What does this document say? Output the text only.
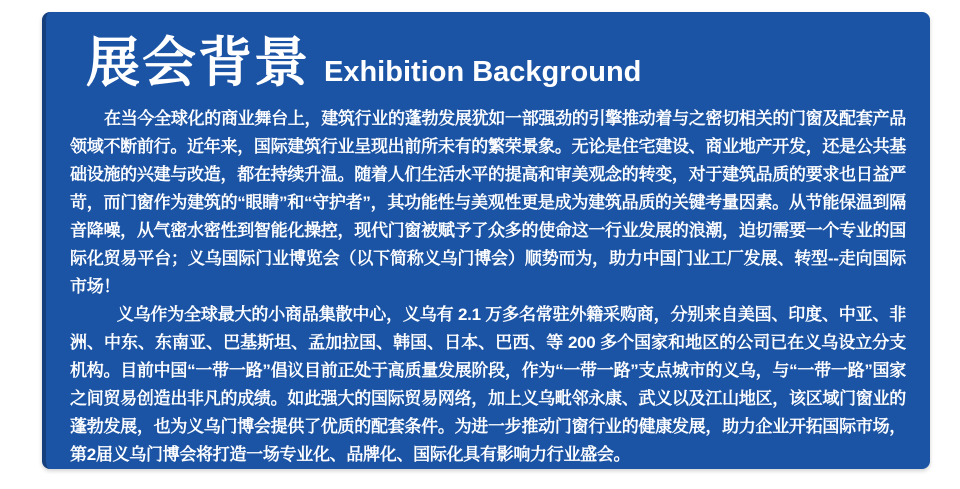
展会背景 Exhibition Background

在当今全球化的商业舞台上，建筑行业的蓬勃发展犹如一部强劲的引擎推动着与之密切相关的门窗及配套产品领域不断前行。近年来，国际建筑行业呈现出前所未有的繁荣景象。无论是住宅建设、商业地产开发，还是公共基础设施的兴建与改造，都在持续升温。随着人们生活水平的提高和审美观念的转变，对于建筑品质的要求也日益严苛，而门窗作为建筑的“眼睛”和“守护者”，其功能性与美观性更是成为建筑品质的关键考量因素。从节能保温到隔音降噪，从气密水密性到智能化操控，现代门窗被赋予了众多的使命这一行业发展的浪潮，迫切需要一个专业的国际化贸易平台；义乌国际门业博览会（以下简称义乌门博会）顺势而为，助力中国门业工厂发展、转型--走向国际市场！

义乌作为全球最大的小商品集散中心，义乌有 2.1 万多名常驻外籍采购商，分别来自美国、印度、中亚、非洲、中东、东南亚、巴基斯坦、孟加拉国、韩国、日本、巴西、等 200 多个国家和地区的公司已在义乌设立分支机构。目前中国“一带一路”倡议目前正处于高质量发展阶段，作为“一带一路”支点城市的义乌，与“一带一路”国家之间贸易创造出非凡的成绩。如此强大的国际贸易网络，加上义乌毗邻永康、武义以及江山地区，该区域门窗业的蓬勃发展，也为义乌门博会提供了优质的配套条件。为进一步推动门窗行业的健康发展，助力企业开拓国际市场，第2届义乌门博会将打造一场专业化、品牌化、国际化具有影响力行业盛会。
